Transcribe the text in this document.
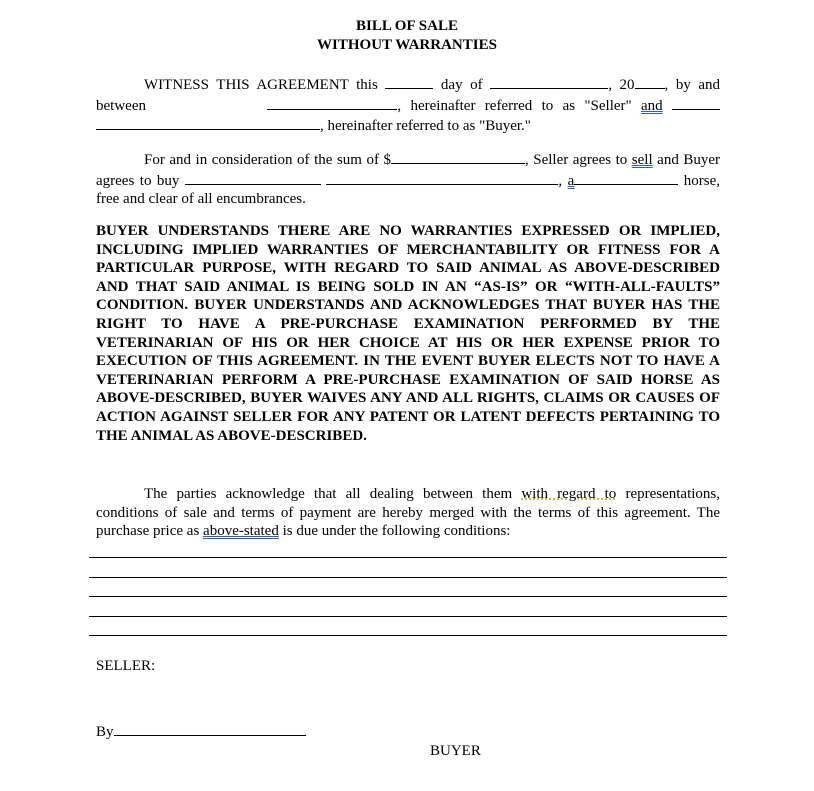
BILL OF SALE
WITHOUT WARRANTIES
WITNESS THIS AGREEMENT this	day of	, 20 , by and between	, hereinafter referred to as "Seller" and , hereinafter referred to as "Buyer."
For and in consideration of the sum of $	, Seller agrees to sell and Buyer agrees to buy	, a	horse, free and clear of all encumbrances.
BUYER UNDERSTANDS THERE ARE NO WARRANTIES EXPRESSED OR IMPLIED, INCLUDING IMPLIED WARRANTIES OF MERCHANTABILITY OR FITNESS FOR A PARTICULAR PURPOSE, WITH REGARD TO SAID ANIMAL AS ABOVE-DESCRIBED AND THAT SAID ANIMAL IS BEING SOLD IN AN “AS-IS” OR “WITH-ALL-FAULTS” CONDITION. BUYER UNDERSTANDS AND ACKNOWLEDGES THAT BUYER HAS THE RIGHT TO HAVE A PRE-PURCHASE EXAMINATION PERFORMED BY THE VETERINARIAN OF HIS OR HER CHOICE AT HIS OR HER EXPENSE PRIOR TO EXECUTION OF THIS AGREEMENT. IN THE EVENT BUYER ELECTS NOT TO HAVE A VETERINARIAN PERFORM A PRE-PURCHASE EXAMINATION OF SAID HORSE AS ABOVE-DESCRIBED, BUYER WAIVES ANY AND ALL RIGHTS, CLAIMS OR CAUSES OF ACTION AGAINST SELLER FOR ANY PATENT OR LATENT DEFECTS PERTAINING TO THE ANIMAL AS ABOVE-DESCRIBED.
The parties acknowledge that all dealing between them with regard to representations, conditions of sale and terms of payment are hereby merged with the terms of this agreement. The purchase price as above-stated is due under the following conditions:
SELLER:
By
BUYER
